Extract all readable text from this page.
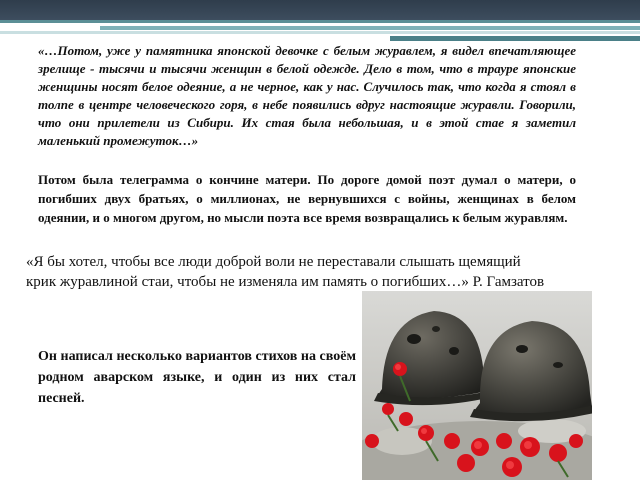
«…Потом, уже у памятника японской девочке с белым журавлем, я видел впечатляющее зрелище - тысячи и тысячи женщин в белой одежде. Дело в том, что в трауре японские женщины носят белое одеяние, а не черное, как у нас. Случилось так, что когда я стоял в толпе в центре человеческого горя, в небе появились вдруг настоящие журавли. Говорили, что они прилетели из Сибири. Их стая была небольшая, и в этой стае я заметил маленький промежуток…»
Потом была телеграмма о кончине матери. По дороге домой поэт думал о матери, о погибших двух братьях, о миллионах, не вернувшихся с войны, женщинах в белом одеянии, и о многом другом, но мысли поэта все время возвращались к белым журавлям.
«Я бы хотел, чтобы все люди доброй воли не переставали слышать щемящий крик журавлиной стаи, чтобы не изменяла им память о погибших…» Р. Гамзатов
Он написал несколько вариантов стихов на своём родном аварском языке, и один из них стал песней.
